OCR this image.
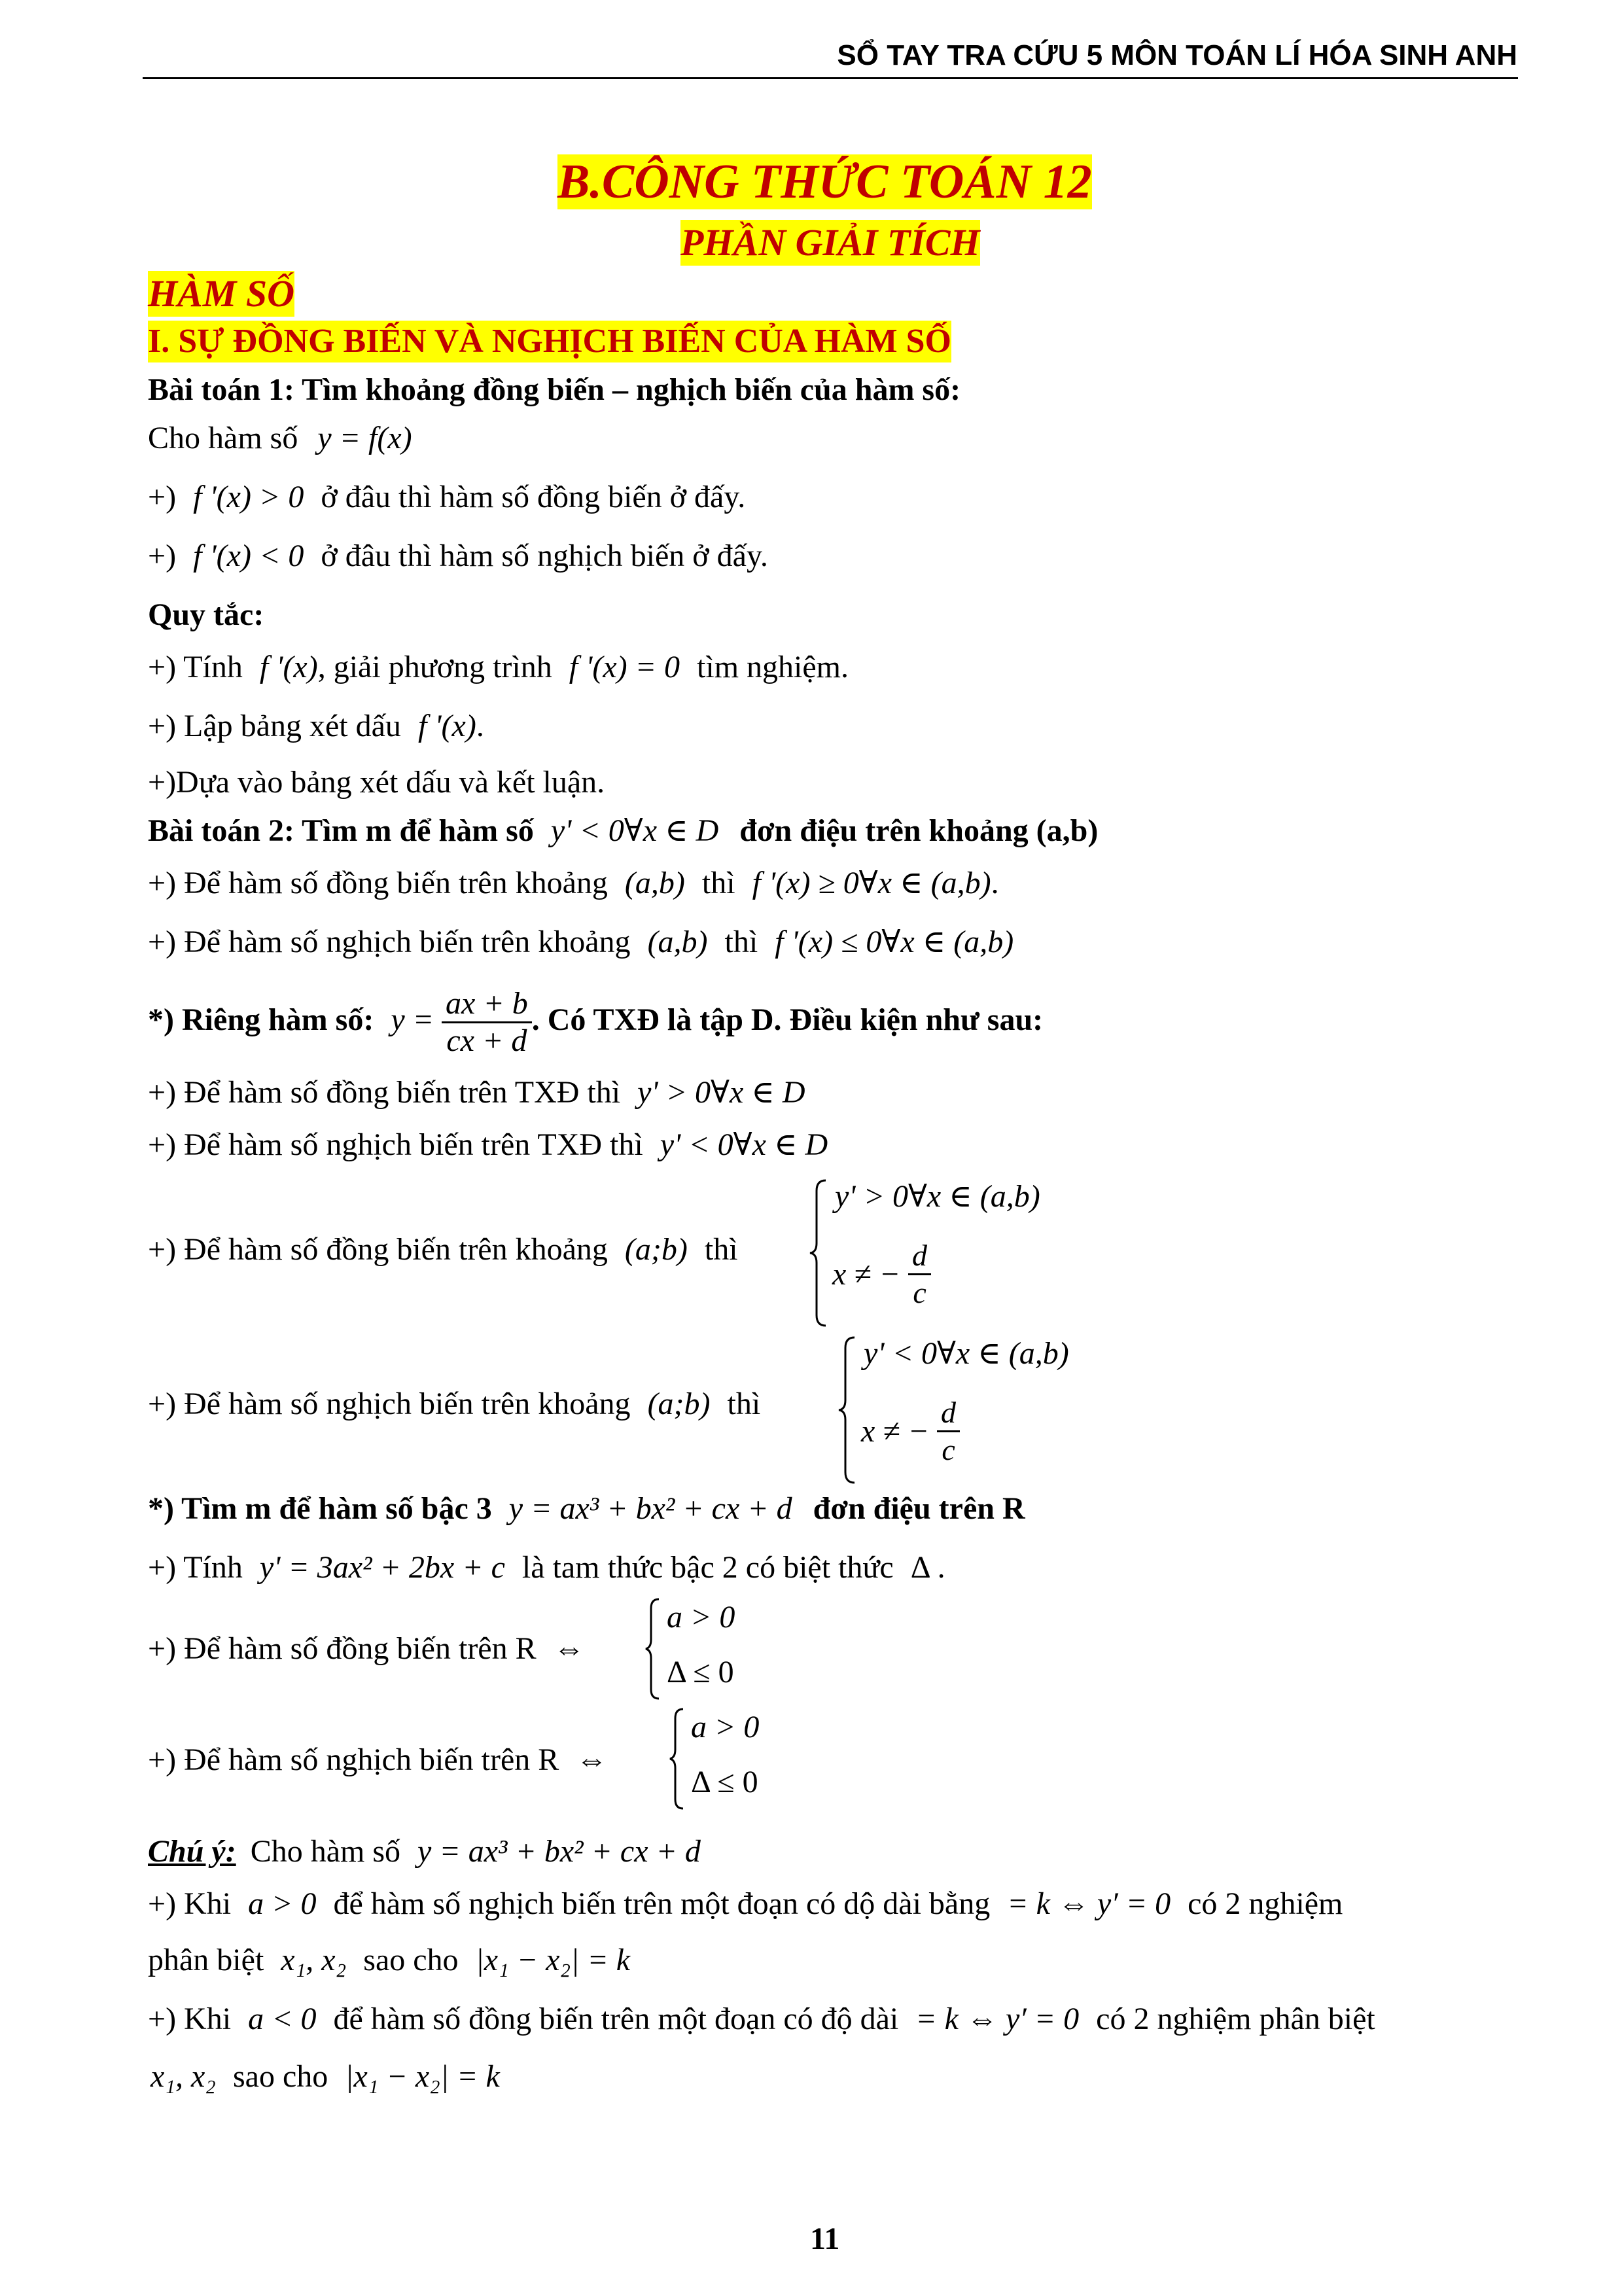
SỔ TAY TRA CỨU 5 MÔN TOÁN LÍ HÓA SINH ANH
B.CÔNG THỨC TOÁN 12
PHẦN GIẢI TÍCH
HÀM SỐ
I. SỰ ĐỒNG BIẾN VÀ NGHỊCH BIẾN CỦA HÀM SỐ
Bài toán 1: Tìm khoảng đồng biến – nghịch biến của hàm số:
Cho hàm số y = f(x)
+) f '(x) > 0 ở đâu thì hàm số đồng biến ở đấy.
+) f '(x) < 0 ở đâu thì hàm số nghịch biến ở đấy.
Quy tắc:
+) Tính f '(x), giải phương trình f '(x) = 0 tìm nghiệm.
+) Lập bảng xét dấu f '(x).
+)Dựa vào bảng xét dấu và kết luận.
Bài toán 2: Tìm m để hàm số y' < 0∀x ∈ D đơn điệu trên khoảng (a,b)
+) Để hàm số đồng biến trên khoảng (a,b) thì f '(x) ≥ 0∀x ∈ (a,b).
+) Để hàm số nghịch biến trên khoảng (a,b) thì f '(x) ≤ 0∀x ∈ (a,b)
*) Riêng hàm số: $y = \frac{ax + b}{cx + d}$ . Có TXĐ là tập D. Điều kiện như sau:
+) Để hàm số đồng biến trên TXĐ thì y' > 0∀x ∈ D
+) Để hàm số nghịch biến trên TXĐ thì y' < 0∀x ∈ D
+) Để hàm số đồng biến trên khoảng (a;b) thì
y' > 0∀x ∈ (a,b)
x ≠ − $\frac{d}{c}$
+) Để hàm số nghịch biến trên khoảng (a;b) thì
y' < 0∀x ∈ (a,b)
x ≠ − $\frac{d}{c}$
*) Tìm m để hàm số bậc 3 y = ax³ + bx² + cx + d đơn điệu trên R
+) Tính y' = 3ax² + 2bx + c là tam thức bậc 2 có biệt thức Δ .
+) Để hàm số đồng biến trên R ⇔
a > 0
Δ ≤ 0
+) Để hàm số nghịch biến trên R ⇔
a > 0
Δ ≤ 0
Chú ý: Cho hàm số y = ax³ + bx² + cx + d
+) Khi a > 0 để hàm số nghịch biến trên một đoạn có dộ dài bằng = k ⇔ y′ = 0 có 2 nghiệm
phân biệt x₁, x₂ sao cho |x₁ − x₂| = k
+) Khi a < 0 để hàm số đồng biến trên một đoạn có độ dài = k ⇔ y′ = 0 có 2 nghiệm phân biệt
x₁, x₂ sao cho |x₁ − x₂| = k
11
